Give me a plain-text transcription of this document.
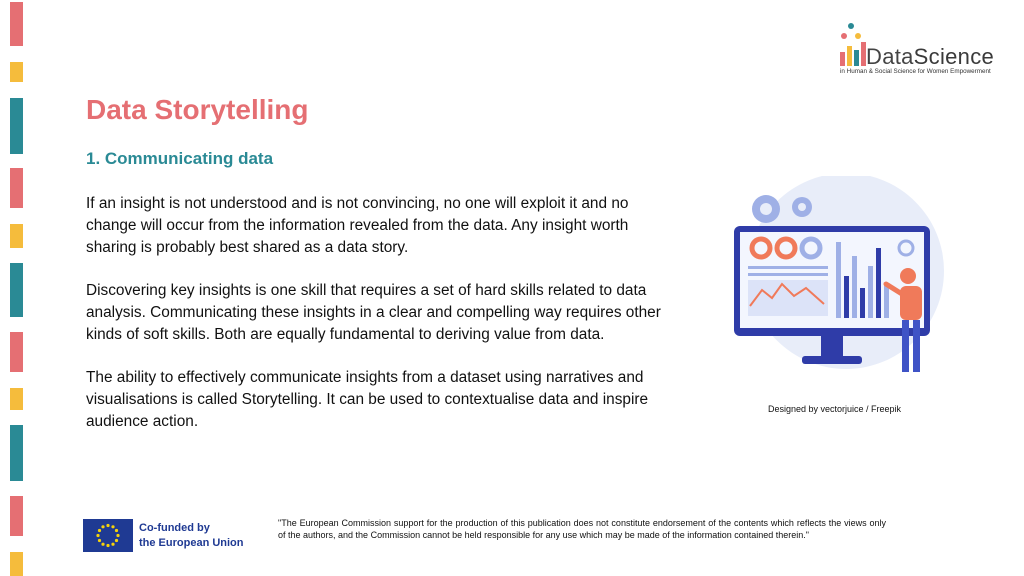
DataScience
in Human & Social Science for Women Empowerment
Data Storytelling
1. Communicating data

If an insight is not understood and is not convincing, no one will exploit it and no change will occur from the information revealed from the data. Any insight worth sharing is probably best shared as a data story.

Discovering key insights is one skill that requires a set of hard skills related to data analysis. Communicating these insights in a clear and compelling way requires other kinds of soft skills. Both are equally fundamental to deriving value from data.

The ability to effectively communicate insights from a dataset using narratives and visualisations is called Storytelling. It can be used to contextualise data and inspire audience action.

Designed by vectorjuice / Freepik
Co-funded by
the European Union
"The European Commission support for the production of this publication does not constitute endorsement of the contents which reflects the views only of the authors, and the Commission cannot be held responsible for any use which may be made of the information contained therein."
